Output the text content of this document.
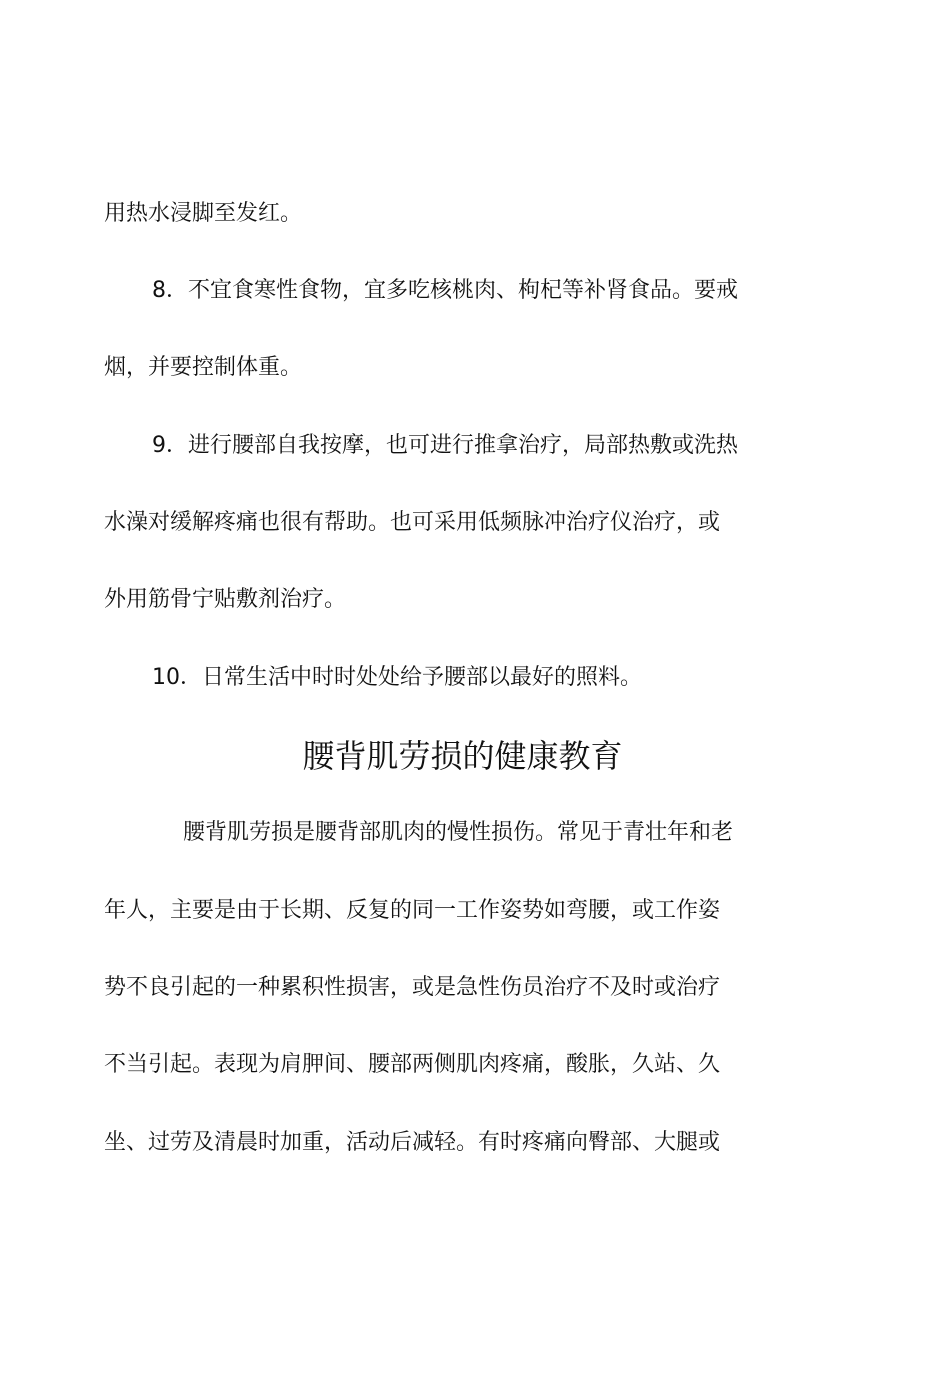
用热水浸脚至发红。
8．不宜食寒性食物，宜多吃核桃肉、枸杞等补肾食品。要戒
烟，并要控制体重。
9．进行腰部自我按摩，也可进行推拿治疗，局部热敷或洗热
水澡对缓解疼痛也很有帮助。也可采用低频脉冲治疗仪治疗，或
外用筋骨宁贴敷剂治疗。
10．日常生活中时时处处给予腰部以最好的照料。
腰背肌劳损的健康教育
腰背肌劳损是腰背部肌肉的慢性损伤。常见于青壮年和老
年人，主要是由于长期、反复的同一工作姿势如弯腰，或工作姿
势不良引起的一种累积性损害，或是急性伤员治疗不及时或治疗
不当引起。表现为肩胛间、腰部两侧肌肉疼痛，酸胀，久站、久
坐、过劳及清晨时加重，活动后减轻。有时疼痛向臀部、大腿或
